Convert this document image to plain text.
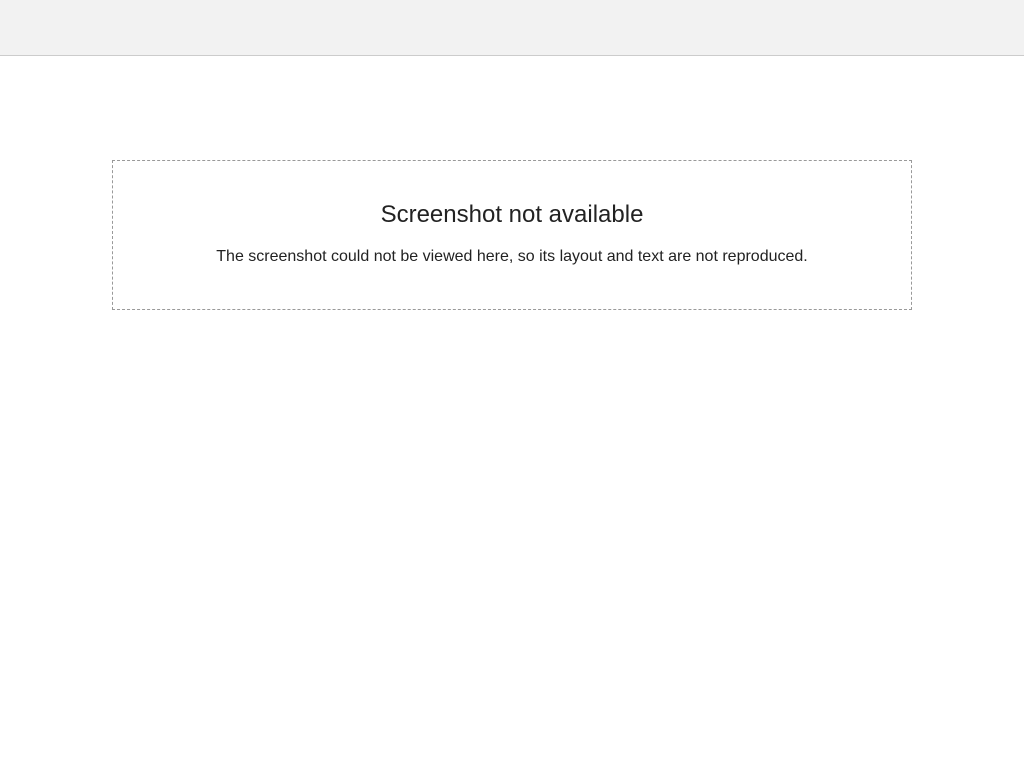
Screenshot not available

The screenshot could not be viewed here, so its layout and text are not reproduced.
